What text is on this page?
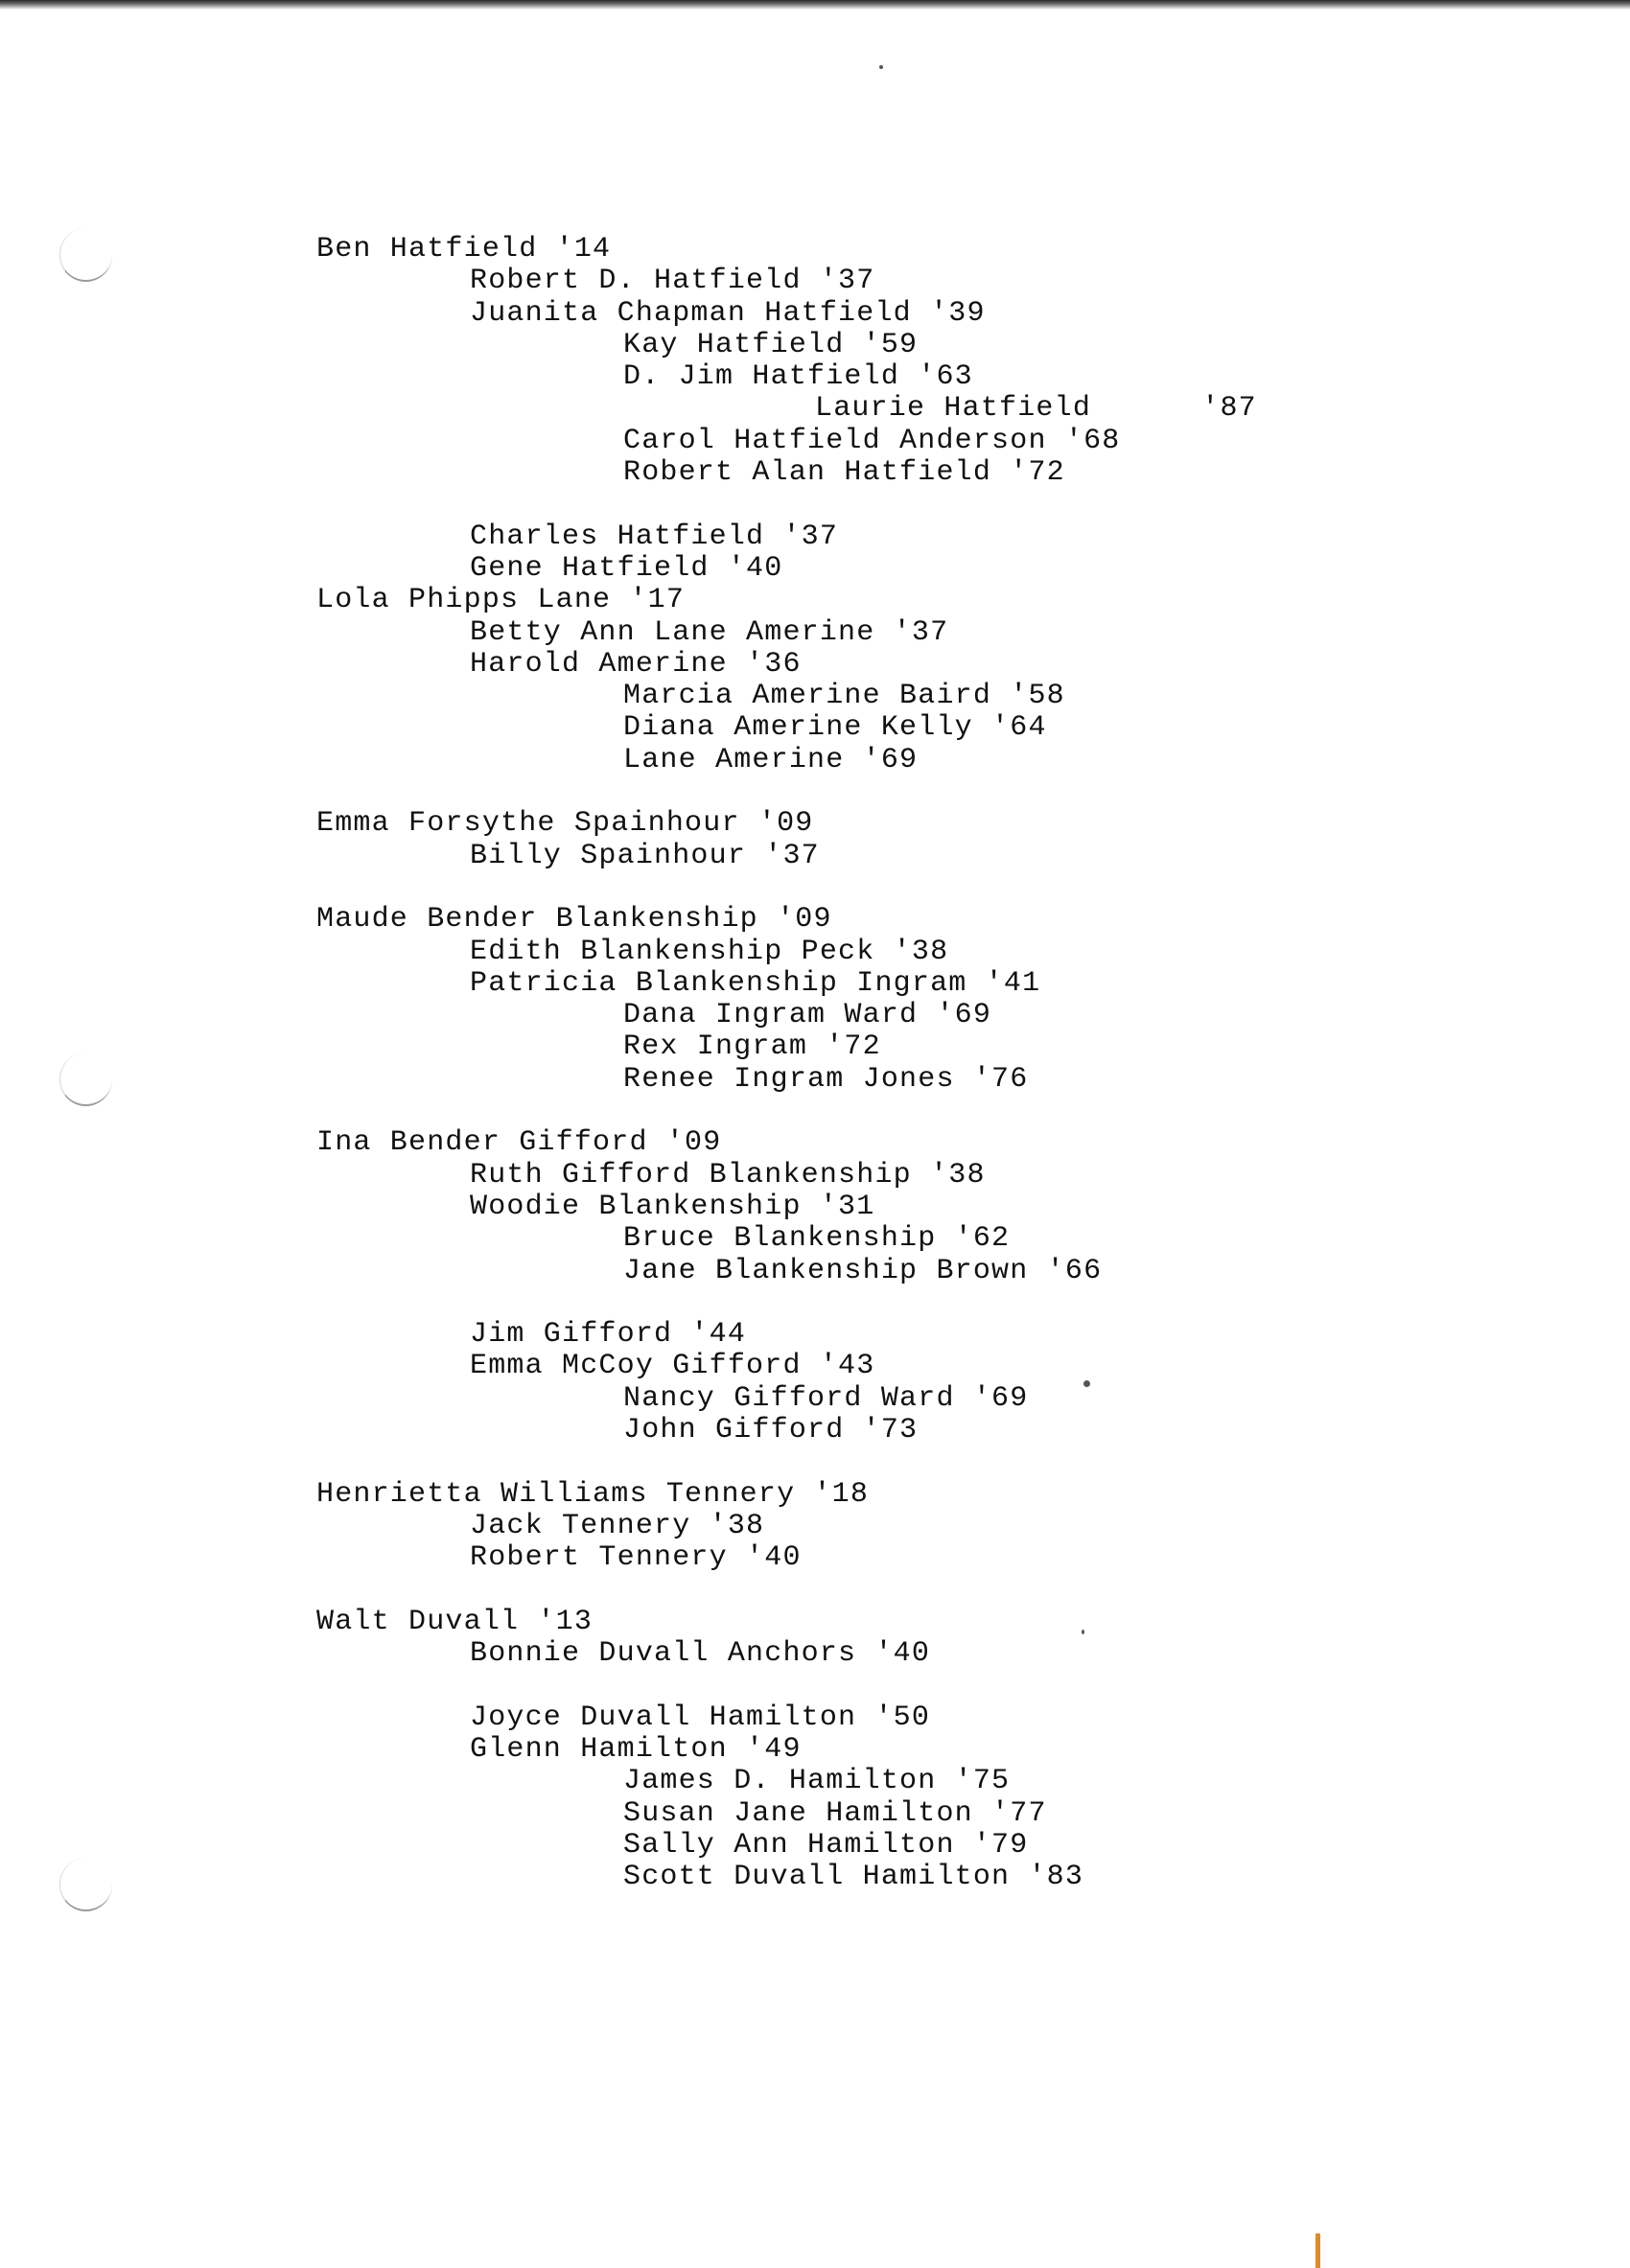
Ben Hatfield '14
Robert D. Hatfield '37
Juanita Chapman Hatfield '39
Kay Hatfield '59
D. Jim Hatfield '63
Laurie Hatfield      '87
Carol Hatfield Anderson '68
Robert Alan Hatfield '72
Charles Hatfield '37
Gene Hatfield '40
Lola Phipps Lane '17
Betty Ann Lane Amerine '37
Harold Amerine '36
Marcia Amerine Baird '58
Diana Amerine Kelly '64
Lane Amerine '69
Emma Forsythe Spainhour '09
Billy Spainhour '37
Maude Bender Blankenship '09
Edith Blankenship Peck '38
Patricia Blankenship Ingram '41
Dana Ingram Ward '69
Rex Ingram '72
Renee Ingram Jones '76
Ina Bender Gifford '09
Ruth Gifford Blankenship '38
Woodie Blankenship '31
Bruce Blankenship '62
Jane Blankenship Brown '66
Jim Gifford '44
Emma McCoy Gifford '43
Nancy Gifford Ward '69
John Gifford '73
Henrietta Williams Tennery '18
Jack Tennery '38
Robert Tennery '40
Walt Duvall '13
Bonnie Duvall Anchors '40
Joyce Duvall Hamilton '50
Glenn Hamilton '49
James D. Hamilton '75
Susan Jane Hamilton '77
Sally Ann Hamilton '79
Scott Duvall Hamilton '83
